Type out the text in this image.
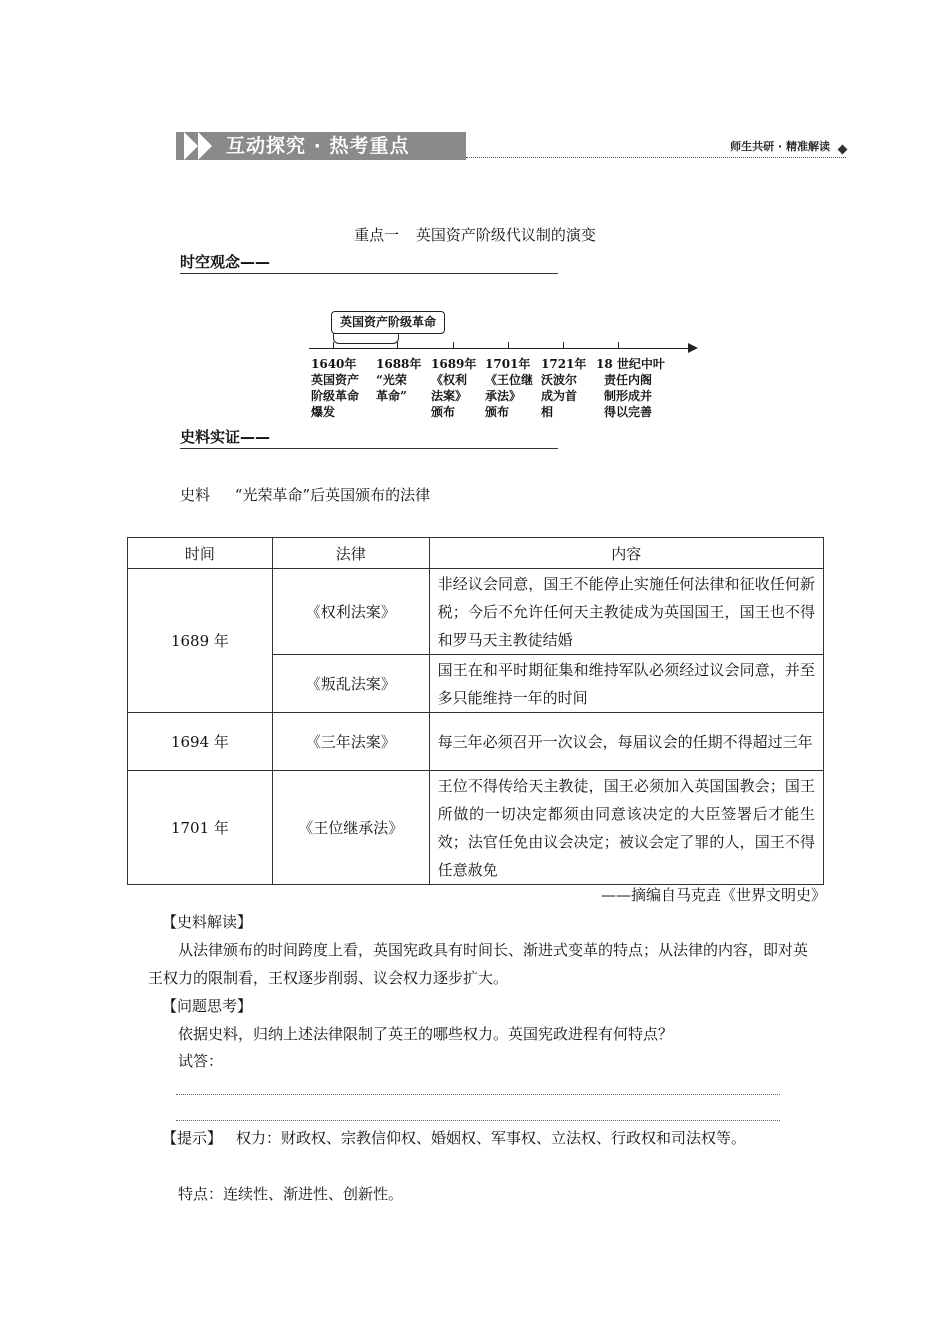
互动探究 · 热考重点	师生共研 · 精准解读
重点一 英国资产阶级代议制的演变
时空观念——
英国资产阶级革命
1640年
英国资产
阶级革命
爆发
1688年
“光荣
革命”
1689年
《权利
法案》
颁布
1701年
《王位继
承法》
颁布
1721年
沃波尔
成为首
相
18 世纪中叶
责任内阁
制形成并
得以完善
史料实证——
史料 “光荣革命”后英国颁布的法律
时间	法律	内容
1689 年	《权利法案》	非经议会同意，国王不能停止实施任何法律和征收任何新税；今后不允许任何天主教徒成为英国国王，国王也不得和罗马天主教徒结婚
	《叛乱法案》	国王在和平时期征集和维持军队必须经过议会同意，并至多只能维持一年的时间
1694 年	《三年法案》	每三年必须召开一次议会，每届议会的任期不得超过三年
1701 年	《王位继承法》	王位不得传给天主教徒，国王必须加入英国国教会；国王所做的一切决定都须由同意该决定的大臣签署后才能生效；法官任免由议会决定；被议会定了罪的人，国王不得任意赦免
——摘编自马克垚《世界文明史》
【史料解读】
从法律颁布的时间跨度上看，英国宪政具有时间长、渐进式变革的特点；从法律的内容，即对英王权力的限制看，王权逐步削弱、议会权力逐步扩大。
【问题思考】
依据史料，归纳上述法律限制了英王的哪些权力。英国宪政进程有何特点？
试答：
【提示】 权力：财政权、宗教信仰权、婚姻权、军事权、立法权、行政权和司法权等。
特点：连续性、渐进性、创新性。
